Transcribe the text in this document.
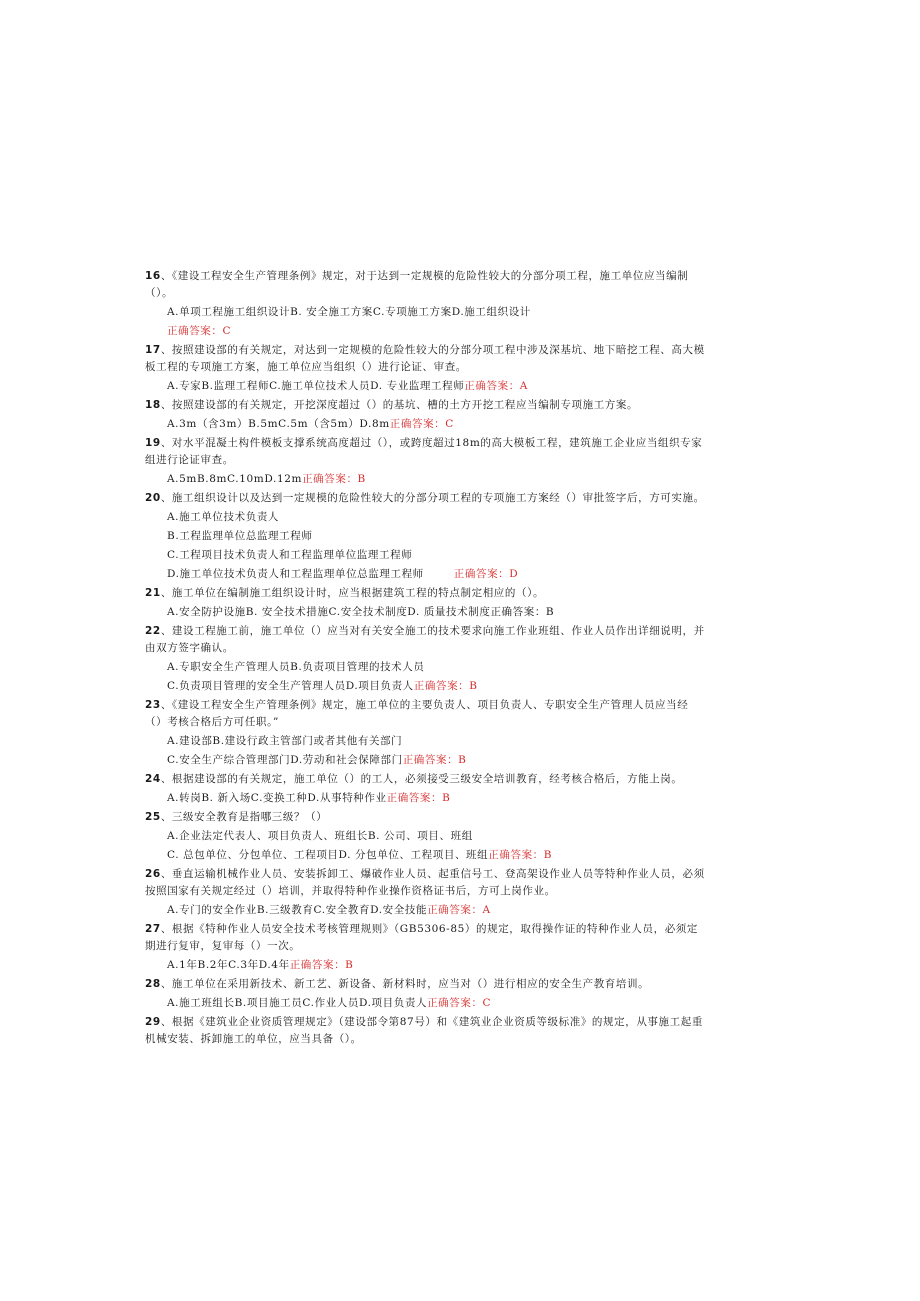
16、《建设工程安全生产管理条例》规定，对于达到一定规模的危险性较大的分部分项工程，施工单位应当编制（）。

A.单项工程施工组织设计B. 安全施工方案C.专项施工方案D.施工组织设计

正确答案：C

17、按照建设部的有关规定，对达到一定规模的危险性较大的分部分项工程中涉及深基坑、地下暗挖工程、高大模板工程的专项施工方案，施工单位应当组织（）进行论证、审查。

A.专家B.监理工程师C.施工单位技术人员D. 专业监理工程师正确答案：A

18、按照建设部的有关规定，开挖深度超过（）的基坑、槽的土方开挖工程应当编制专项施工方案。

A.3m（含3m）B.5mC.5m（含5m）D.8m正确答案：C

19、对水平混凝土构件模板支撑系统高度超过（），或跨度超过18m的高大模板工程，建筑施工企业应当组织专家组进行论证审查。

A.5mB.8mC.10mD.12m正确答案：B

20、施工组织设计以及达到一定规模的危险性较大的分部分项工程的专项施工方案经（）审批签字后，方可实施。

A.施工单位技术负责人

B.工程监理单位总监理工程师

C.工程项目技术负责人和工程监理单位监理工程师

D.施工单位技术负责人和工程监理单位总监理工程师	正确答案：D

21、施工单位在编制施工组织设计时，应当根据建筑工程的特点制定相应的（）。

A.安全防护设施B. 安全技术措施C.安全技术制度D. 质量技术制度正确答案：B

22、建设工程施工前，施工单位（）应当对有关安全施工的技术要求向施工作业班组、作业人员作出详细说明，并由双方签字确认。

A.专职安全生产管理人员B.负责项目管理的技术人员

C.负责项目管理的安全生产管理人员D.项目负责人正确答案：B

23、《建设工程安全生产管理条例》规定，施工单位的主要负责人、项目负责人、专职安全生产管理人员应当经（）考核合格后方可任职。”

A.建设部B.建设行政主管部门或者其他有关部门

C.安全生产综合管理部门D.劳动和社会保障部门正确答案：B

24、根据建设部的有关规定，施工单位（）的工人，必须接受三级安全培训教育，经考核合格后，方能上岗。

A.转岗B. 新入场C.变换工种D.从事特种作业正确答案：B

25、三级安全教育是指哪三级？（）

A.企业法定代表人、项目负责人、班组长B. 公司、项目、班组

C. 总包单位、分包单位、工程项目D. 分包单位、工程项目、班组正确答案：B

26、垂直运输机械作业人员、安装拆卸工、爆破作业人员、起重信号工、登高架设作业人员等特种作业人员，必须按照国家有关规定经过（）培训，并取得特种作业操作资格证书后，方可上岗作业。

A.专门的安全作业B.三级教育C.安全教育D.安全技能正确答案：A

27、根据《特种作业人员安全技术考核管理规则》（GB5306-85）的规定，取得操作证的特种作业人员，必须定期进行复审，复审每（）一次。

A.1年B.2年C.3年D.4年正确答案：B

28、施工单位在采用新技术、新工艺、新设备、新材料时，应当对（）进行相应的安全生产教育培训。

A.施工班组长B.项目施工员C.作业人员D.项目负责人正确答案：C

29、根据《建筑业企业资质管理规定》（建设部令第87号）和《建筑业企业资质等级标准》的规定，从事施工起重机械安装、拆卸施工的单位，应当具备（）。
